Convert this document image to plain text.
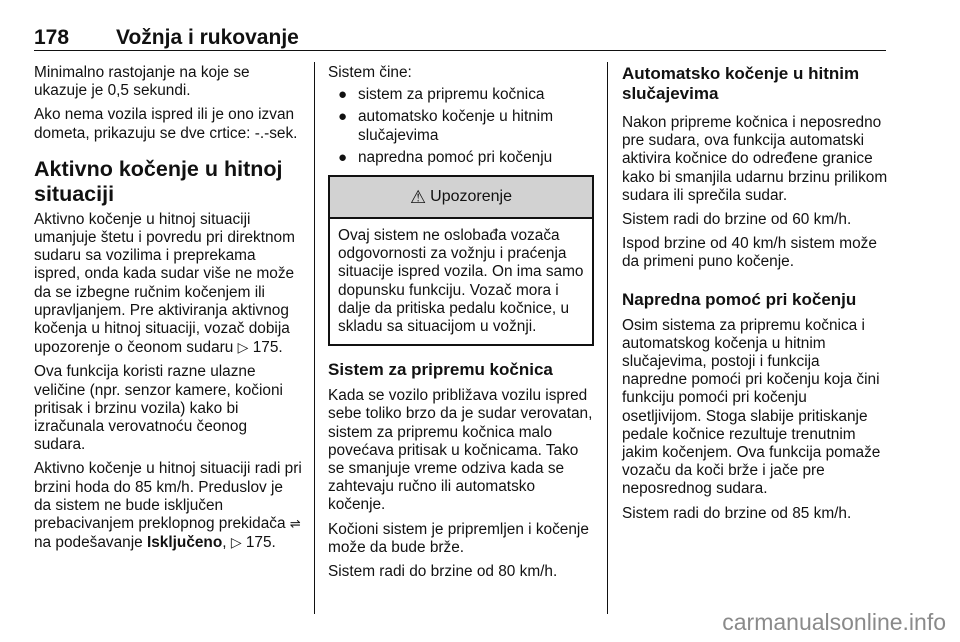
178 Vožnja i rukovanje

Minimalno rastojanje na koje se ukazuje je 0,5 sekundi.

Ako nema vozila ispred ili je ono izvan dometa, prikazuju se dve crtice: -.-sek.

Aktivno kočenje u hitnoj situaciji

Aktivno kočenje u hitnoj situaciji umanjuje štetu i povredu pri direktnom sudaru sa vozilima i preprekama ispred, onda kada sudar više ne može da se izbegne ručnim kočenjem ili upravljanjem. Pre aktiviranja aktivnog kočenja u hitnoj situaciji, vozač dobija upozorenje o čeonom sudaru ▷ 175.

Ova funkcija koristi razne ulazne veličine (npr. senzor kamere, kočioni pritisak i brzinu vozila) kako bi izračunala verovatnoću čeonog sudara.

Aktivno kočenje u hitnoj situaciji radi pri brzini hoda do 85 km/h. Preduslov je da sistem ne bude isključen prebacivanjem preklopnog prekidača ⇌ na podešavanje Isključeno, ▷ 175.

Sistem čine:

● sistem za pripremu kočnica
● automatsko kočenje u hitnim slučajevima
● napredna pomoć pri kočenju
⚠ Upozorenje
Ovaj sistem ne oslobađa vozača odgovornosti za vožnju i praćenja situacije ispred vozila. On ima samo dopunsku funkciju. Vozač mora i dalje da pritiska pedalu kočnice, u skladu sa situacijom u vožnji.
Sistem za pripremu kočnica

Kada se vozilo približava vozilu ispred sebe toliko brzo da je sudar verovatan, sistem za pripremu kočnica malo povećava pritisak u kočnicama. Tako se smanjuje vreme odziva kada se zahtevaju ručno ili automatsko kočenje.

Kočioni sistem je pripremljen i kočenje može da bude brže.

Sistem radi do brzine od 80 km/h.

Automatsko kočenje u hitnim slučajevima

Nakon pripreme kočnica i neposredno pre sudara, ova funkcija automatski aktivira kočnice do određene granice kako bi smanjila udarnu brzinu prilikom sudara ili sprečila sudar.

Sistem radi do brzine od 60 km/h.

Ispod brzine od 40 km/h sistem može da primeni puno kočenje.

Napredna pomoć pri kočenju

Osim sistema za pripremu kočnica i automatskog kočenja u hitnim slučajevima, postoji i funkcija napredne pomoći pri kočenju koja čini funkciju pomoći pri kočenju osetljivijom. Stoga slabije pritiskanje pedale kočnice rezultuje trenutnim jakim kočenjem. Ova funkcija pomaže vozaču da koči brže i jače pre neposrednog sudara.

Sistem radi do brzine od 85 km/h.

carmanualsonline.info
